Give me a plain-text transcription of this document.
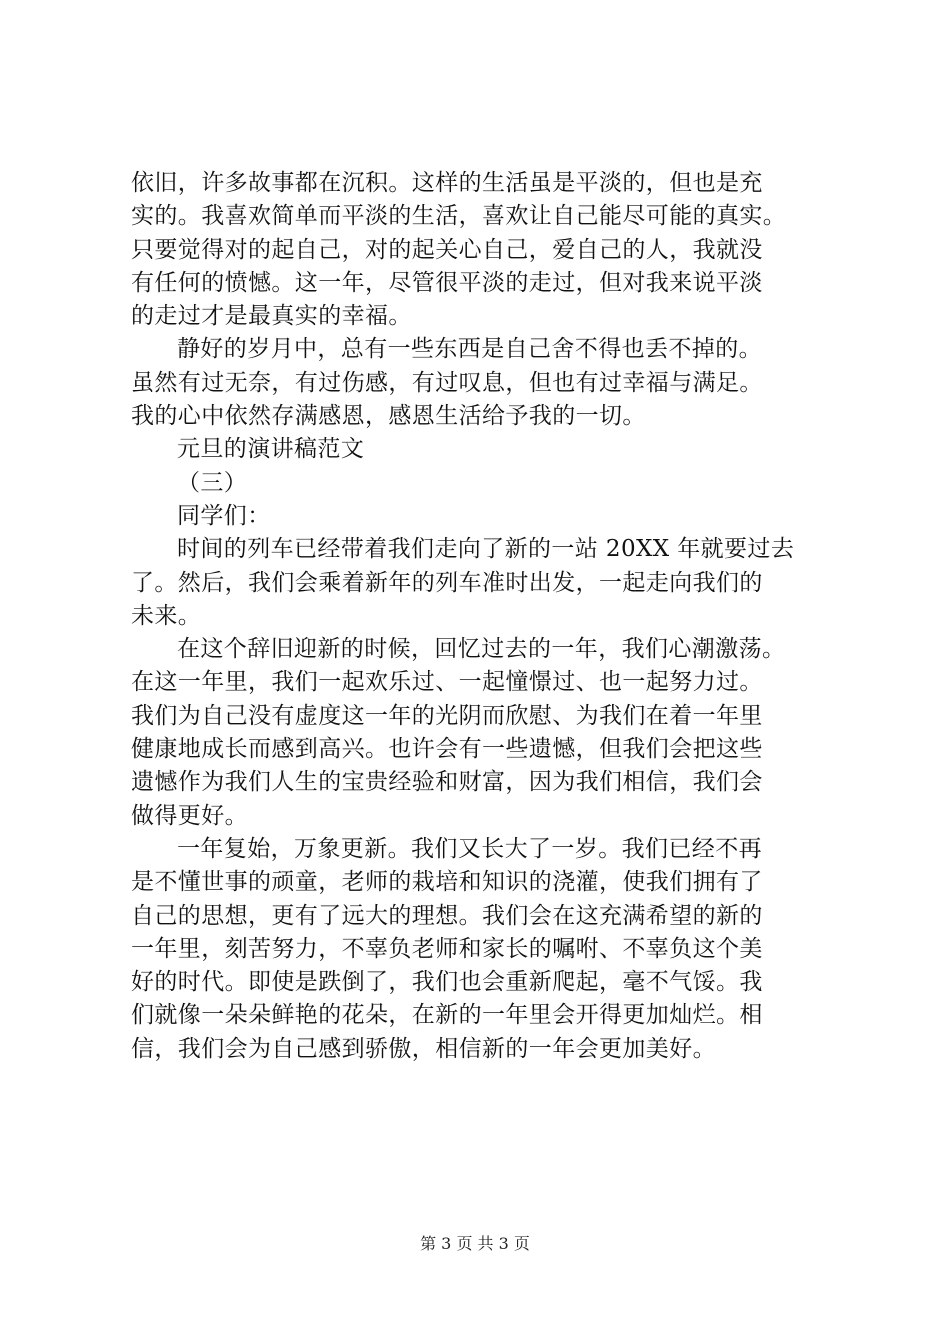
依旧，许多故事都在沉积。这样的生活虽是平淡的，但也是充
实的。我喜欢简单而平淡的生活，喜欢让自己能尽可能的真实。
只要觉得对的起自己，对的起关心自己，爱自己的人，我就没
有任何的愤憾。这一年，尽管很平淡的走过，但对我来说平淡
的走过才是最真实的幸福。
静好的岁月中，总有一些东西是自己舍不得也丢不掉的。
虽然有过无奈，有过伤感，有过叹息，但也有过幸福与满足。
我的心中依然存满感恩，感恩生活给予我的一切。
元旦的演讲稿范文
（三）
同学们：
时间的列车已经带着我们走向了新的一站 20XX 年就要过去
了。然后，我们会乘着新年的列车准时出发，一起走向我们的
未来。
在这个辞旧迎新的时候，回忆过去的一年，我们心潮激荡。
在这一年里，我们一起欢乐过、一起憧憬过、也一起努力过。
我们为自己没有虚度这一年的光阴而欣慰、为我们在着一年里
健康地成长而感到高兴。也许会有一些遗憾，但我们会把这些
遗憾作为我们人生的宝贵经验和财富，因为我们相信，我们会
做得更好。
一年复始，万象更新。我们又长大了一岁。我们已经不再
是不懂世事的顽童，老师的栽培和知识的浇灌，使我们拥有了
自己的思想，更有了远大的理想。我们会在这充满希望的新的
一年里，刻苦努力，不辜负老师和家长的嘱咐、不辜负这个美
好的时代。即使是跌倒了，我们也会重新爬起，毫不气馁。我
们就像一朵朵鲜艳的花朵，在新的一年里会开得更加灿烂。相
信，我们会为自己感到骄傲，相信新的一年会更加美好。
第 3 页 共 3 页
